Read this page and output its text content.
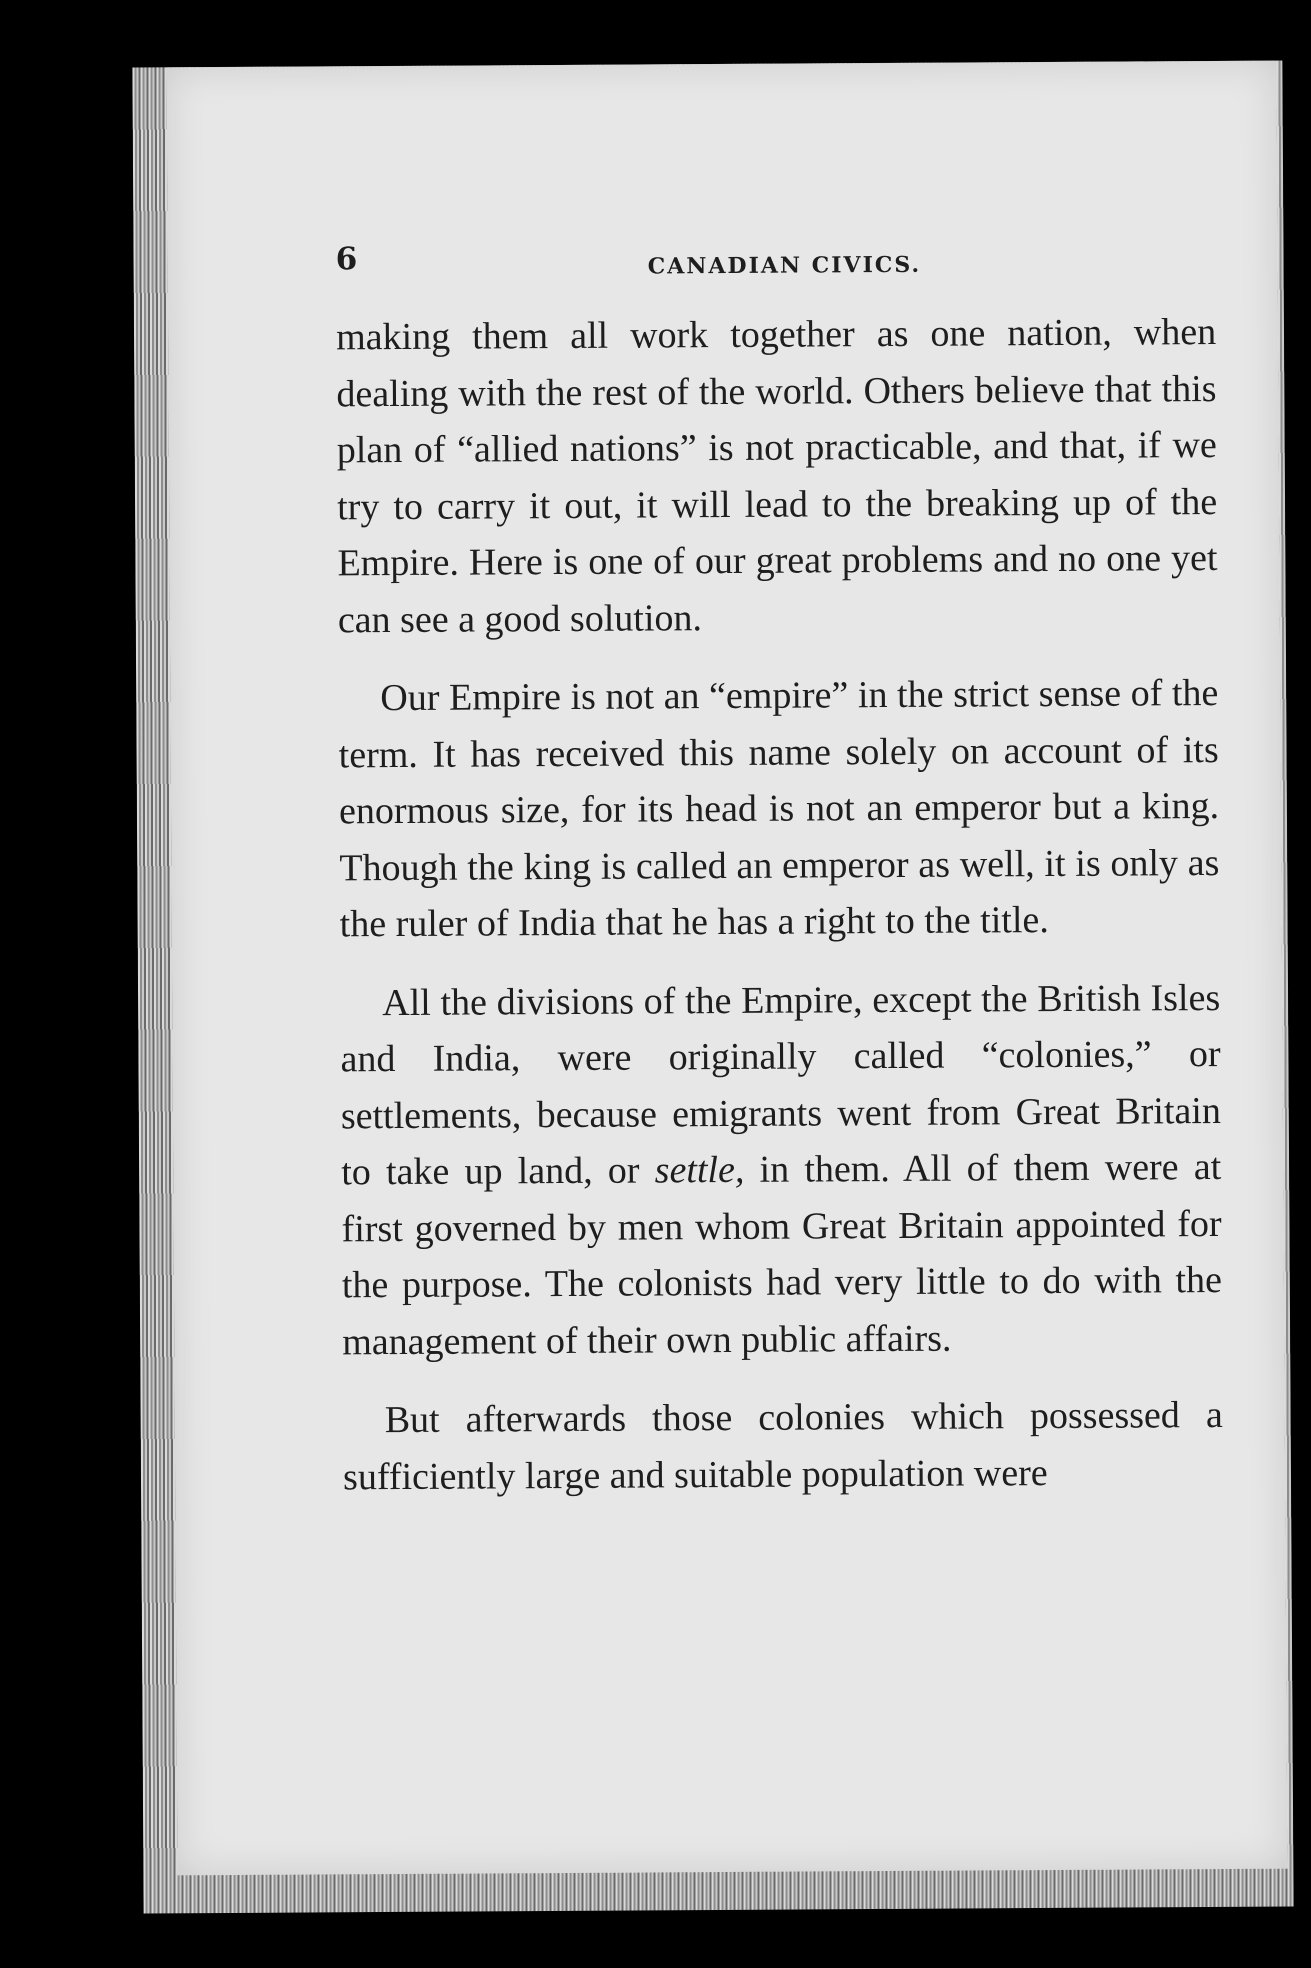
6	CANADIAN CIVICS.

making them all work together as one nation, when dealing with the rest of the world. Others believe that this plan of “allied nations” is not practicable, and that, if we try to carry it out, it will lead to the breaking up of the Empire. Here is one of our great problems and no one yet can see a good solution.

Our Empire is not an “empire” in the strict sense of the term. It has received this name solely on account of its enormous size, for its head is not an emperor but a king. Though the king is called an emperor as well, it is only as the ruler of India that he has a right to the title.

All the divisions of the Empire, except the British Isles and India, were originally called “colonies,” or settlements, because emigrants went from Great Britain to take up land, or settle, in them. All of them were at first governed by men whom Great Britain appointed for the purpose. The colonists had very little to do with the management of their own public affairs.

But afterwards those colonies which possessed a sufficiently large and suitable population were
